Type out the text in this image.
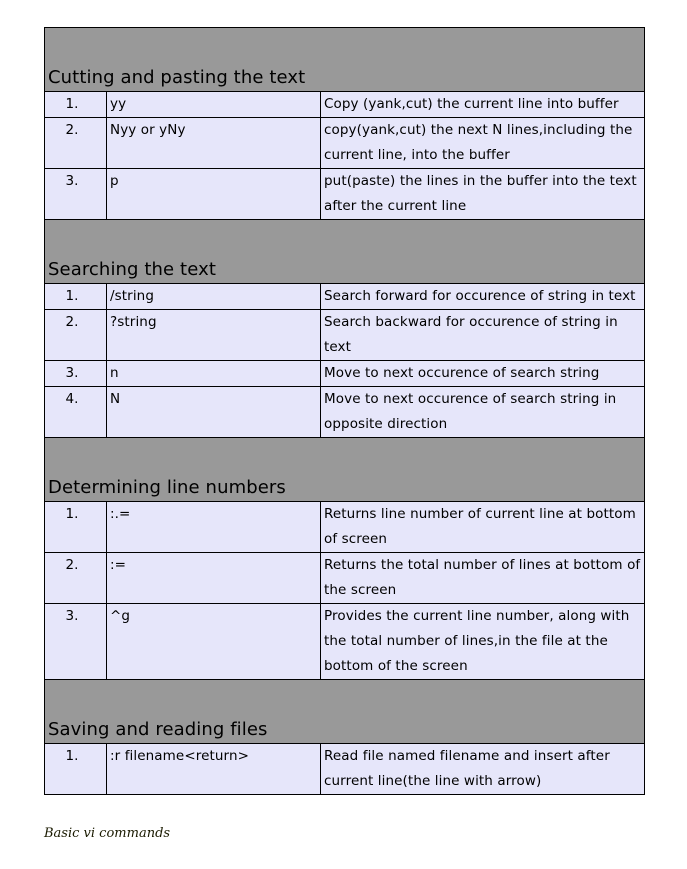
Cutting and pasting the text		
1.	yy	Copy (yank,cut) the current line into buffer
2.	Nyy or yNy	copy(yank,cut) the next N lines,including the current line, into the buffer
3.	p	put(paste) the lines in the buffer into the text after the current line
Searching the text		
1.	/string	Search forward for occurence of string in text
2.	?string	Search backward for occurence of string in text
3.	n	Move to next occurence of search string
4.	N	Move to next occurence of search string in opposite direction
Determining line numbers		
1.	:.=	Returns line number of current line at bottom of screen
2.	:=	Returns the total number of lines at bottom of the screen
3.	^g	Provides the current line number, along with the total number of lines,in the file at the bottom of the screen
Saving and reading files		
1.	:r filename<return>	Read file named filename and insert after current line(the line with arrow)
Basic vi commands
